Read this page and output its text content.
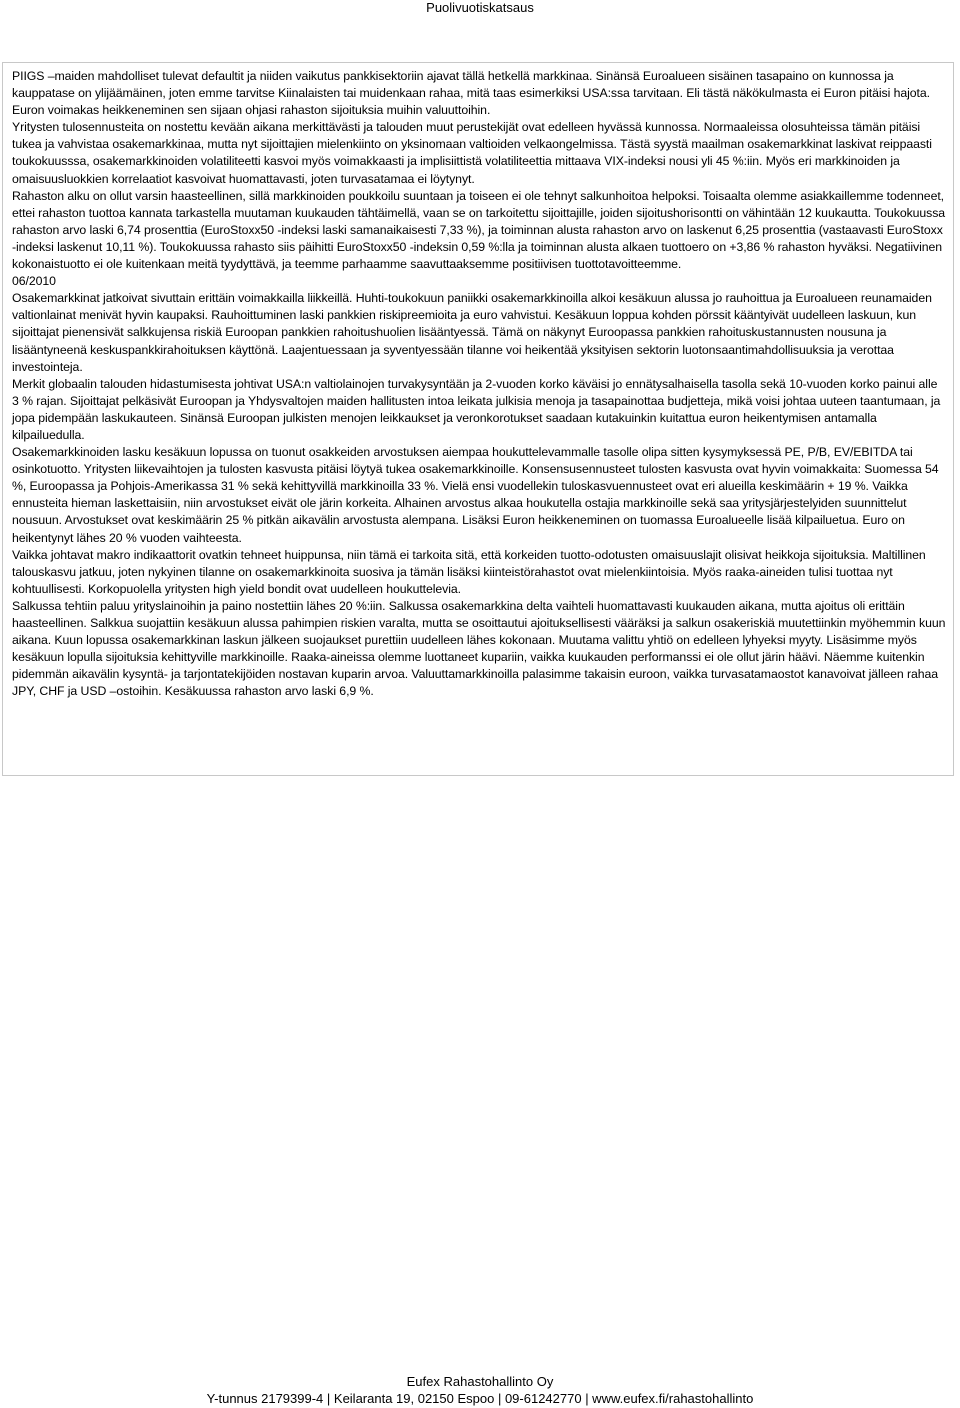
Puolivuotiskatsaus

PIIGS –maiden mahdolliset tulevat defaultit ja niiden vaikutus pankkisektoriin ajavat tällä hetkellä markkinaa. Sinänsä Euroalueen sisäinen tasapaino on kunnossa ja kauppatase on ylijäämäinen, joten emme tarvitse Kiinalaisten tai muidenkaan rahaa, mitä taas esimerkiksi USA:ssa tarvitaan. Eli tästä näkökulmasta ei Euron pitäisi hajota. Euron voimakas heikkeneminen sen sijaan ohjasi rahaston sijoituksia muihin valuuttoihin.

Yritysten tulosennusteita on nostettu kevään aikana merkittävästi ja talouden muut perustekijät ovat edelleen hyvässä kunnossa. Normaaleissa olosuhteissa tämän pitäisi tukea ja vahvistaa osakemarkkinaa, mutta nyt sijoittajien mielenkiinto on yksinomaan valtioiden velkaongelmissa. Tästä syystä maailman osakemarkkinat laskivat reippaasti toukokuusssa, osakemarkkinoiden volatiliteetti kasvoi myös voimakkaasti ja implisiittistä volatiliteettia mittaava VIX-indeksi nousi yli 45 %:iin. Myös eri markkinoiden ja omaisuusluokkien korrelaatiot kasvoivat huomattavasti, joten turvasatamaa ei löytynyt.

Rahaston alku on ollut varsin haasteellinen, sillä markkinoiden poukkoilu suuntaan ja toiseen ei ole tehnyt salkunhoitoa helpoksi. Toisaalta olemme asiakkaillemme todenneet, ettei rahaston tuottoa kannata tarkastella muutaman kuukauden tähtäimellä, vaan se on tarkoitettu sijoittajille, joiden sijoitushorisontti on vähintään 12 kuukautta. Toukokuussa rahaston arvo laski 6,74 prosenttia (EuroStoxx50 -indeksi laski samanaikaisesti 7,33 %), ja toiminnan alusta rahaston arvo on laskenut 6,25 prosenttia (vastaavasti EuroStoxx -indeksi laskenut 10,11 %). Toukokuussa rahasto siis päihitti EuroStoxx50 -indeksin 0,59 %:lla ja toiminnan alusta alkaen tuottoero on +3,86 % rahaston hyväksi. Negatiivinen kokonaistuotto ei ole kuitenkaan meitä tyydyttävä, ja teemme parhaamme saavuttaaksemme positiivisen tuottotavoitteemme.

06/2010

Osakemarkkinat jatkoivat sivuttain erittäin voimakkailla liikkeillä. Huhti-toukokuun paniikki osakemarkkinoilla alkoi kesäkuun alussa jo rauhoittua ja Euroalueen reunamaiden valtionlainat menivät hyvin kaupaksi. Rauhoittuminen laski pankkien riskipreemioita ja euro vahvistui. Kesäkuun loppua kohden pörssit kääntyivät uudelleen laskuun, kun sijoittajat pienensivät salkkujensa riskiä Euroopan pankkien rahoitushuolien lisääntyessä. Tämä on näkynyt Euroopassa pankkien rahoituskustannusten nousuna ja lisääntyneenä keskuspankkirahoituksen käyttönä. Laajentuessaan ja syventyessään tilanne voi heikentää yksityisen sektorin luotonsaantimahdollisuuksia ja verottaa investointeja.

Merkit globaalin talouden hidastumisesta johtivat USA:n valtiolainojen turvakysyntään ja 2-vuoden korko käväisi jo ennätysalhaisella tasolla sekä 10-vuoden korko painui alle 3 % rajan. Sijoittajat pelkäsivät Euroopan ja Yhdysvaltojen maiden hallitusten intoa leikata julkisia menoja ja tasapainottaa budjetteja, mikä voisi johtaa uuteen taantumaan, ja jopa pidempään laskukauteen. Sinänsä Euroopan julkisten menojen leikkaukset ja veronkorotukset saadaan kutakuinkin kuitattua euron heikentymisen antamalla kilpailuedulla.

Osakemarkkinoiden lasku kesäkuun lopussa on tuonut osakkeiden arvostuksen aiempaa houkuttelevammalle tasolle olipa sitten kysymyksessä PE, P/B, EV/EBITDA tai osinkotuotto. Yritysten liikevaihtojen ja tulosten kasvusta pitäisi löytyä tukea osakemarkkinoille. Konsensusennusteet tulosten kasvusta ovat hyvin voimakkaita: Suomessa 54 %, Euroopassa ja Pohjois-Amerikassa 31 % sekä kehittyvillä markkinoilla 33 %. Vielä ensi vuodellekin tuloskasvuennusteet ovat eri alueilla keskimäärin + 19 %. Vaikka ennusteita hieman laskettaisiin, niin arvostukset eivät ole järin korkeita. Alhainen arvostus alkaa houkutella ostajia markkinoille sekä saa yritysjärjestelyiden suunnittelut nousuun. Arvostukset ovat keskimäärin 25 % pitkän aikavälin arvostusta alempana. Lisäksi Euron heikkeneminen on tuomassa Euroalueelle lisää kilpailuetua. Euro on heikentynyt lähes 20 % vuoden vaihteesta.

Vaikka johtavat makro indikaattorit ovatkin tehneet huippunsa, niin tämä ei tarkoita sitä, että korkeiden tuotto-odotusten omaisuuslajit olisivat heikkoja sijoituksia. Maltillinen talouskasvu jatkuu, joten nykyinen tilanne on osakemarkkinoita suosiva ja tämän lisäksi kiinteistörahastot ovat mielenkiintoisia. Myös raaka-aineiden tulisi tuottaa nyt kohtuullisesti. Korkopuolella yritysten high yield bondit ovat uudelleen houkuttelevia.

Salkussa tehtiin paluu yrityslainoihin ja paino nostettiin lähes 20 %:iin. Salkussa osakemarkkina delta vaihteli huomattavasti kuukauden aikana, mutta ajoitus oli erittäin haasteellinen. Salkkua suojattiin kesäkuun alussa pahimpien riskien varalta, mutta se osoittautui ajoituksellisesti vääräksi ja salkun osakeriskiä muutettiinkin myöhemmin kuun aikana. Kuun lopussa osakemarkkinan laskun jälkeen suojaukset purettiin uudelleen lähes kokonaan. Muutama valittu yhtiö on edelleen lyhyeksi myyty. Lisäsimme myös kesäkuun lopulla sijoituksia kehittyville markkinoille. Raaka-aineissa olemme luottaneet kupariin, vaikka kuukauden performanssi ei ole ollut järin häävi. Näemme kuitenkin pidemmän aikavälin kysyntä- ja tarjontatekijöiden nostavan kuparin arvoa. Valuuttamarkkinoilla palasimme takaisin euroon, vaikka turvasatamaostot kanavoivat jälleen rahaa JPY, CHF ja USD –ostoihin. Kesäkuussa rahaston arvo laski 6,9 %.

Eufex Rahastohallinto Oy
Y-tunnus 2179399-4 | Keilaranta 19, 02150 Espoo | 09-61242770 | www.eufex.fi/rahastohallinto
